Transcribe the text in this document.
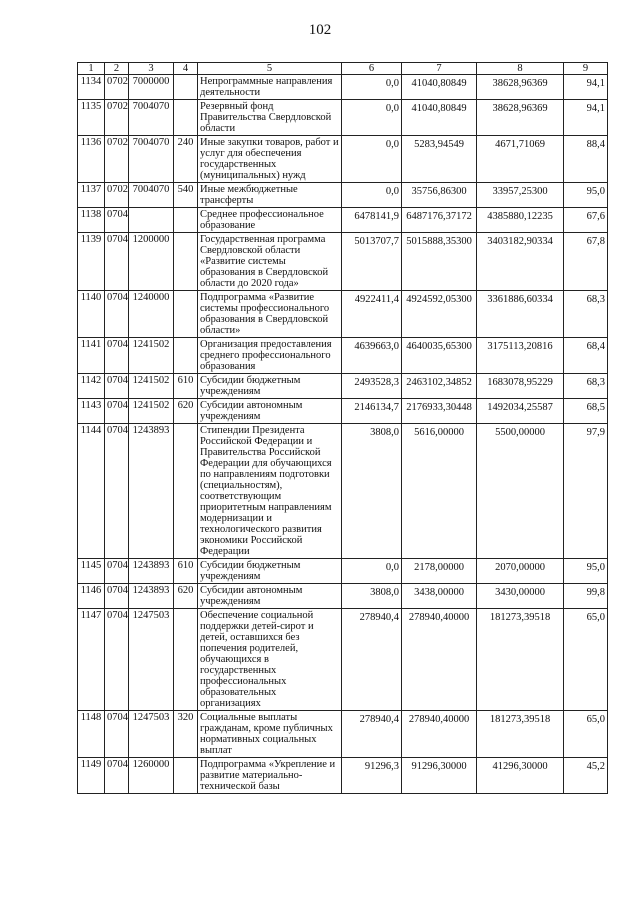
102
1	2	3	4	5	6	7	8	9
1134	0702	7000000		Непрограммные направления деятельности	0,0	41040,80849	38628,96369	94,1

1135	0702	7004070		Резервный фонд Правительства Свердловской области	0,0	41040,80849	38628,96369	94,1

1136	0702	7004070	240	Иные закупки товаров, работ и услуг для обеспечения государственных (муниципальных) нужд	0,0	5283,94549	4671,71069	88,4

1137	0702	7004070	540	Иные межбюджетные трансферты	0,0	35756,86300	33957,25300	95,0

1138	0704			Среднее профессиональное образование	6478141,9	6487176,37172	4385880,12235	67,6

1139	0704	1200000		Государственная программа Свердловской области «Развитие системы образования в Свердловской области до 2020 года»	5013707,7	5015888,35300	3403182,90334	67,8

1140	0704	1240000		Подпрограмма «Развитие системы профессионального образования в Свердловской области»	4922411,4	4924592,05300	3361886,60334	68,3

1141	0704	1241502		Организация предоставления среднего профессионального образования	4639663,0	4640035,65300	3175113,20816	68,4

1142	0704	1241502	610	Субсидии бюджетным учреждениям	2493528,3	2463102,34852	1683078,95229	68,3

1143	0704	1241502	620	Субсидии автономным учреждениям	2146134,7	2176933,30448	1492034,25587	68,5

1144	0704	1243893		Стипендии Президента Российской Федерации и Правительства Российской Федерации для обучающихся по направлениям подготовки (специальностям), соответствующим приоритетным направлениям модернизации и технологического развития экономики Российской Федерации	3808,0	5616,00000	5500,00000	97,9

1145	0704	1243893	610	Субсидии бюджетным учреждениям	0,0	2178,00000	2070,00000	95,0

1146	0704	1243893	620	Субсидии автономным учреждениям	3808,0	3438,00000	3430,00000	99,8

1147	0704	1247503		Обеспечение социальной поддержки детей-сирот и детей, оставшихся без попечения родителей, обучающихся в государственных профессиональных образовательных организациях	278940,4	278940,40000	181273,39518	65,0

1148	0704	1247503	320	Социальные выплаты гражданам, кроме публичных нормативных социальных выплат	278940,4	278940,40000	181273,39518	65,0

1149	0704	1260000		Подпрограмма «Укрепление и развитие материально-технической базы	91296,3	91296,30000	41296,30000	45,2
